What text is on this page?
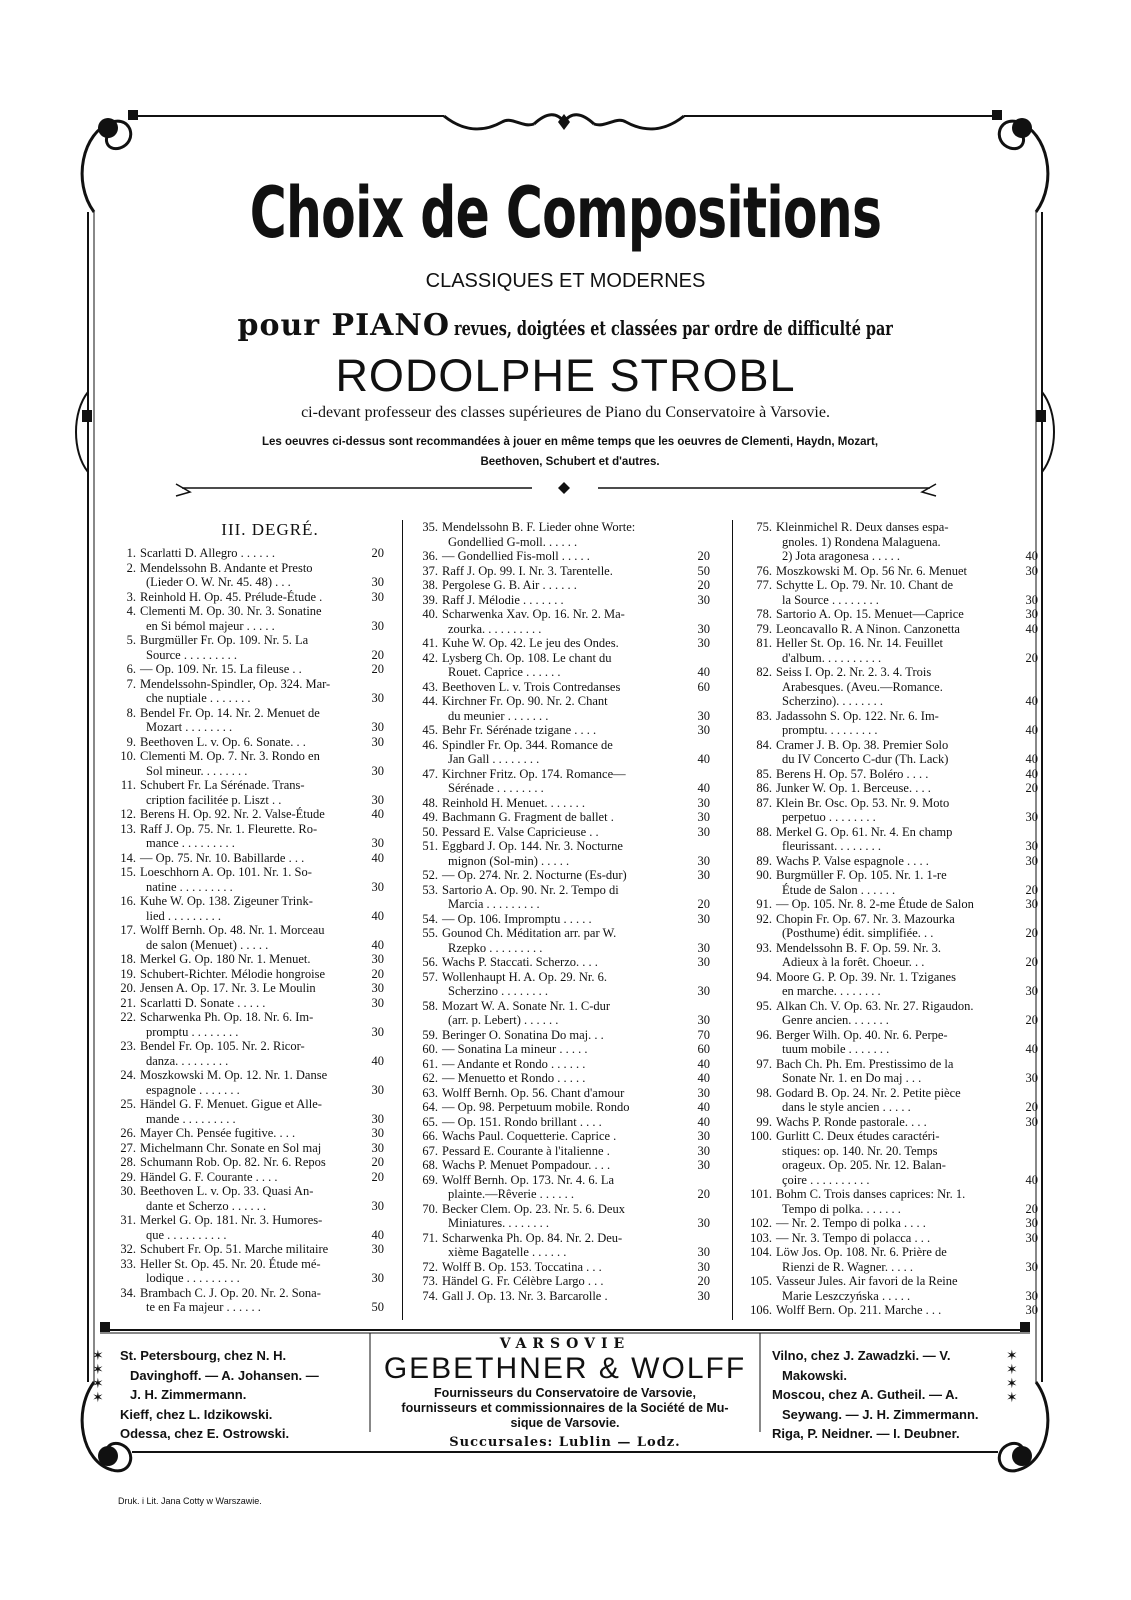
Choix de Compositions
CLASSIQUES ET MODERNES
pour PIANO revues, doigtées et classées par ordre de difficulté par
RODOLPHE STROBL
ci-devant professeur des classes supérieures de Piano du Conservatoire à Varsovie.
Les oeuvres ci-dessus sont recommandées à jouer en même temps que les oeuvres de Clementi, Haydn, Mozart,
Beethoven, Schubert et d'autres.
III. DEGRÉ.
1. Scarlatti D. Allegro . . . . . .	20
2. Mendelssohn B. Andante et Presto
(Lieder O. W. Nr. 45. 48) . . .	30
3. Reinhold H. Op. 45. Prélude-Étude .	30
4. Clementi M. Op. 30. Nr. 3. Sonatine
en Si bémol majeur . . . . .	30
5. Burgmüller Fr. Op. 109. Nr. 5. La
Source . . . . . . . . .	20
6. — Op. 109. Nr. 15. La fileuse . .	20
7. Mendelssohn-Spindler, Op. 324. Mar-
che nuptiale . . . . . . .	30
8. Bendel Fr. Op. 14. Nr. 2. Menuet de
Mozart . . . . . . . .	30
9. Beethoven L. v. Op. 6. Sonate. . .	30
10. Clementi M. Op. 7. Nr. 3. Rondo en
Sol mineur. . . . . . . .	30
11. Schubert Fr. La Sérénade. Trans-
cription facilitée p. Liszt . .	30
12. Berens H. Op. 92. Nr. 2. Valse-Étude	40
13. Raff J. Op. 75. Nr. 1. Fleurette. Ro-
mance . . . . . . . . .	30
14. — Op. 75. Nr. 10. Babillarde . . .	40
15. Loeschhorn A. Op. 101. Nr. 1. So-
natine . . . . . . . . .	30
16. Kuhe W. Op. 138. Zigeuner Trink-
lied . . . . . . . . .	40
17. Wolff Bernh. Op. 48. Nr. 1. Morceau
de salon (Menuet) . . . . .	40
18. Merkel G. Op. 180 Nr. 1. Menuet.	30
19. Schubert-Richter. Mélodie hongroise	20
20. Jensen A. Op. 17. Nr. 3. Le Moulin	30
21. Scarlatti D. Sonate . . . . .	30
22. Scharwenka Ph. Op. 18. Nr. 6. Im-
promptu . . . . . . . .	30
23. Bendel Fr. Op. 105. Nr. 2. Ricor-
danza. . . . . . . . .	40
24. Moszkowski M. Op. 12. Nr. 1. Danse
espagnole . . . . . . .	30
25. Händel G. F. Menuet. Gigue et Alle-
mande . . . . . . . . .	30
26. Mayer Ch. Pensée fugitive. . . .	30
27. Michelmann Chr. Sonate en Sol maj	30
28. Schumann Rob. Op. 82. Nr. 6. Repos	20
29. Händel G. F. Courante . . . .	20
30. Beethoven L. v. Op. 33. Quasi An-
dante et Scherzo . . . . . .	30
31. Merkel G. Op. 181. Nr. 3. Humores-
que . . . . . . . . . .	40
32. Schubert Fr. Op. 51. Marche militaire	30
33. Heller St. Op. 45. Nr. 20. Étude mé-
lodique . . . . . . . . .	30
34. Brambach C. J. Op. 20. Nr. 2. Sona-
te en Fa majeur . . . . . .	50
35. Mendelssohn B. F. Lieder ohne Worte:
Gondellied G-moll. . . . . .
36. — Gondellied Fis-moll . . . . .	20
37. Raff J. Op. 99. I. Nr. 3. Tarentelle.	50
38. Pergolese G. B. Air . . . . . .	20
39. Raff J. Mélodie . . . . . . .	30
40. Scharwenka Xav. Op. 16. Nr. 2. Ma-
zourka. . . . . . . . . .	30
41. Kuhe W. Op. 42. Le jeu des Ondes.	30
42. Lysberg Ch. Op. 108. Le chant du
Rouet. Caprice . . . . . .	40
43. Beethoven L. v. Trois Contredanses	60
44. Kirchner Fr. Op. 90. Nr. 2. Chant
du meunier . . . . . . .	30
45. Behr Fr. Sérénade tzigane . . . .	30
46. Spindler Fr. Op. 344. Romance de
Jan Gall . . . . . . . .	40
47. Kirchner Fritz. Op. 174. Romance—
Sérénade . . . . . . . .	40
48. Reinhold H. Menuet. . . . . . .	30
49. Bachmann G. Fragment de ballet .	30
50. Pessard E. Valse Capricieuse . .	30
51. Eggbard J. Op. 144. Nr. 3. Nocturne
mignon (Sol-min) . . . . .	30
52. — Op. 274. Nr. 2. Nocturne (Es-dur)	30
53. Sartorio A. Op. 90. Nr. 2. Tempo di
Marcia . . . . . . . . .	20
54. — Op. 106. Impromptu . . . . .	30
55. Gounod Ch. Méditation arr. par W.
Rzepko . . . . . . . . .	30
56. Wachs P. Staccati. Scherzo. . . .	30
57. Wollenhaupt H. A. Op. 29. Nr. 6.
Scherzino . . . . . . . .	30
58. Mozart W. A. Sonate Nr. 1. C-dur
(arr. p. Lebert) . . . . . .	30
59. Beringer O. Sonatina Do maj. . .	70
60. — Sonatina La mineur . . . . .	60
61. — Andante et Rondo . . . . . .	40
62. — Menuetto et Rondo . . . . .	40
63. Wolff Bernh. Op. 56. Chant d'amour	30
64. — Op. 98. Perpetuum mobile. Rondo	40
65. — Op. 151. Rondo brillant . . . .	40
66. Wachs Paul. Coquetterie. Caprice .	30
67. Pessard E. Courante à l'italienne .	30
68. Wachs P. Menuet Pompadour. . . .	30
69. Wolff Bernh. Op. 173. Nr. 4. 6. La
plainte.—Rêverie . . . . . .	20
70. Becker Clem. Op. 23. Nr. 5. 6. Deux
Miniatures. . . . . . . .	30
71. Scharwenka Ph. Op. 84. Nr. 2. Deu-
xième Bagatelle . . . . . .	30
72. Wolff B. Op. 153. Toccatina . . .	30
73. Händel G. Fr. Célèbre Largo . . .	20
74. Gall J. Op. 13. Nr. 3. Barcarolle .	30
75. Kleinmichel R. Deux danses espa-
gnoles. 1) Rondena Malaguena.
2) Jota aragonesa . . . . .	40
76. Moszkowski M. Op. 56 Nr. 6. Menuet	30
77. Schytte L. Op. 79. Nr. 10. Chant de
la Source . . . . . . . .	30
78. Sartorio A. Op. 15. Menuet—Caprice	30
79. Leoncavallo R. A Ninon. Canzonetta	40
81. Heller St. Op. 16. Nr. 14. Feuillet
d'album. . . . . . . . . .	20
82. Seiss I. Op. 2. Nr. 2. 3. 4. Trois
Arabesques. (Aveu.—Romance.
Scherzino). . . . . . . .	40
83. Jadassohn S. Op. 122. Nr. 6. Im-
promptu. . . . . . . . .	40
84. Cramer J. B. Op. 38. Premier Solo
du IV Concerto C-dur (Th. Lack)	40
85. Berens H. Op. 57. Boléro . . . .	40
86. Junker W. Op. 1. Berceuse. . . .	20
87. Klein Br. Osc. Op. 53. Nr. 9. Moto
perpetuo . . . . . . . .	30
88. Merkel G. Op. 61. Nr. 4. En champ
fleurissant. . . . . . . .	30
89. Wachs P. Valse espagnole . . . .	30
90. Burgmüller F. Op. 105. Nr. 1. 1-re
Étude de Salon . . . . . .	20
91. — Op. 105. Nr. 8. 2-me Étude de Salon	30
92. Chopin Fr. Op. 67. Nr. 3. Mazourka
(Posthume) édit. simplifiée. . .	20
93. Mendelssohn B. F. Op. 59. Nr. 3.
Adieux à la forêt. Choeur. . .	20
94. Moore G. P. Op. 39. Nr. 1. Tziganes
en marche. . . . . . . .	30
95. Alkan Ch. V. Op. 63. Nr. 27. Rigaudon.
Genre ancien. . . . . . .	20
96. Berger Wilh. Op. 40. Nr. 6. Perpe-
tuum mobile . . . . . . .	40
97. Bach Ch. Ph. Em. Prestissimo de la
Sonate Nr. 1. en Do maj . . .	30
98. Godard B. Op. 24. Nr. 2. Petite pièce
dans le style ancien . . . . .	20
99. Wachs P. Ronde pastorale. . . .	30
100. Gurlitt C. Deux études caractéri-
stiques: op. 140. Nr. 20. Temps
orageux. Op. 205. Nr. 12. Balan-
çoire . . . . . . . . . .	40
101. Bohm C. Trois danses caprices: Nr. 1.
Tempo di polka. . . . . . .	20
102. — Nr. 2. Tempo di polka . . . .	30
103. — Nr. 3. Tempo di polacca . . .	30
104. Löw Jos. Op. 108. Nr. 6. Prière de
Rienzi de R. Wagner. . . . .	30
105. Vasseur Jules. Air favori de la Reine
Marie Leszczyńska . . . . .	30
106. Wolff Bern. Op. 211. Marche . . .	30
St. Petersbourg, chez N. H.
Davinghoff. — A. Johansen. —
J. H. Zimmermann.
Kieff, chez L. Idzikowski.
Odessa, chez E. Ostrowski.
✶
✶
✶
✶
VARSOVIE
GEBETHNER & WOLFF
Fournisseurs du Conservatoire de Varsovie,
fournisseurs et commissionnaires de la Société de Mu-
sique de Varsovie.
Succursales: Lublin — Lodz.
Vilno, chez J. Zawadzki. — V.
Makowski.
Moscou, chez A. Gutheil. — A.
Seywang. — J. H. Zimmermann.
Riga, P. Neidner. — I. Deubner.
✶
✶
✶
✶
Druk. i Lit. Jana Cotty w Warszawie.
